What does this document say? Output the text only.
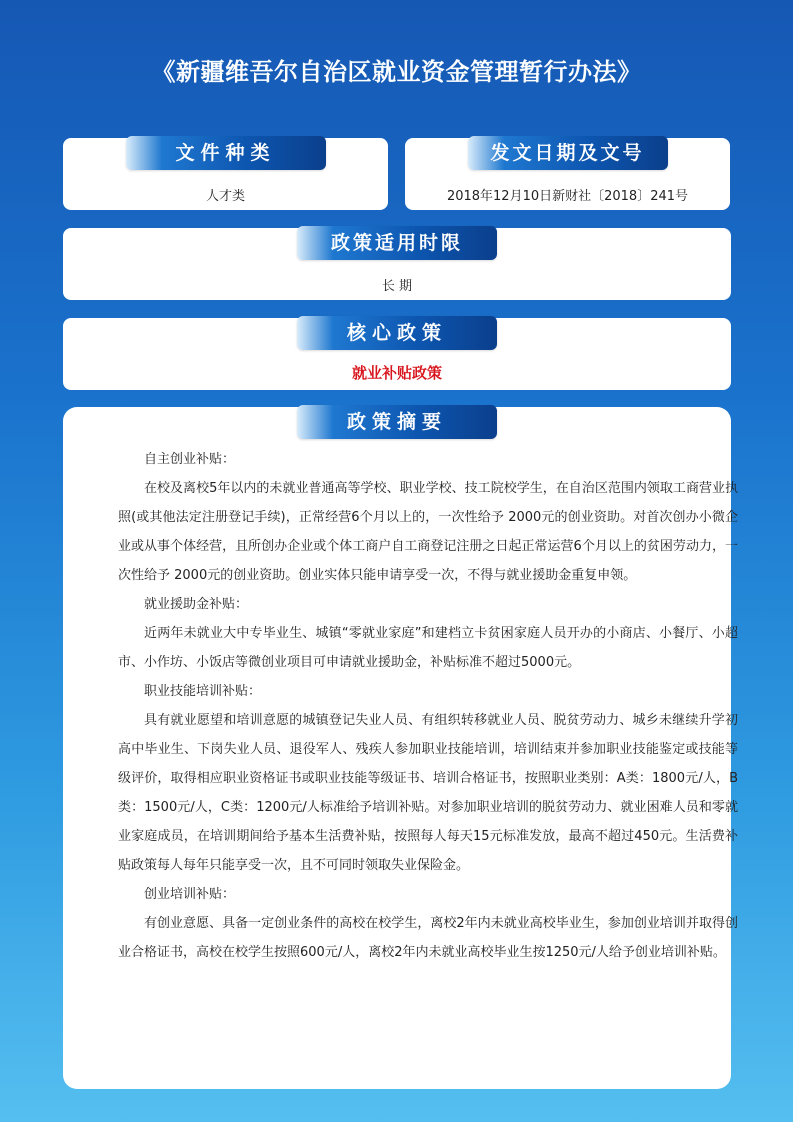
《新疆维吾尔自治区就业资金管理暂行办法》
文件种类
人才类
发文日期及文号
2018年12月10日新财社〔2018〕241号
政策适用时限
长 期
核心政策
就业补贴政策
政策摘要

自主创业补贴：

在校及离校5年以内的未就业普通高等学校、职业学校、技工院校学生，在自治区范围内领取工商营业执照(或其他法定注册登记手续)，正常经营6个月以上的，一次性给予 2000元的创业资助。对首次创办小微企业或从事个体经营，且所创办企业或个体工商户自工商登记注册之日起正常运营6个月以上的贫困劳动力，一次性给予 2000元的创业资助。创业实体只能申请享受一次，不得与就业援助金重复申领。

就业援助金补贴：

近两年未就业大中专毕业生、城镇“零就业家庭”和建档立卡贫困家庭人员开办的小商店、小餐厅、小超市、小作坊、小饭店等微创业项目可申请就业援助金，补贴标准不超过5000元。

职业技能培训补贴：

具有就业愿望和培训意愿的城镇登记失业人员、有组织转移就业人员、脱贫劳动力、城乡未继续升学初高中毕业生、下岗失业人员、退役军人、残疾人参加职业技能培训，培训结束并参加职业技能鉴定或技能等级评价，取得相应职业资格证书或职业技能等级证书、培训合格证书，按照职业类别：A类：1800元/人，B类：1500元/人，C类：1200元/人标准给予培训补贴。对参加职业培训的脱贫劳动力、就业困难人员和零就业家庭成员，在培训期间给予基本生活费补贴，按照每人每天15元标准发放，最高不超过450元。生活费补贴政策每人每年只能享受一次，且不可同时领取失业保险金。

创业培训补贴：

有创业意愿、具备一定创业条件的高校在校学生，离校2年内未就业高校毕业生，参加创业培训并取得创业合格证书，高校在校学生按照600元/人，离校2年内未就业高校毕业生按1250元/人给予创业培训补贴。
